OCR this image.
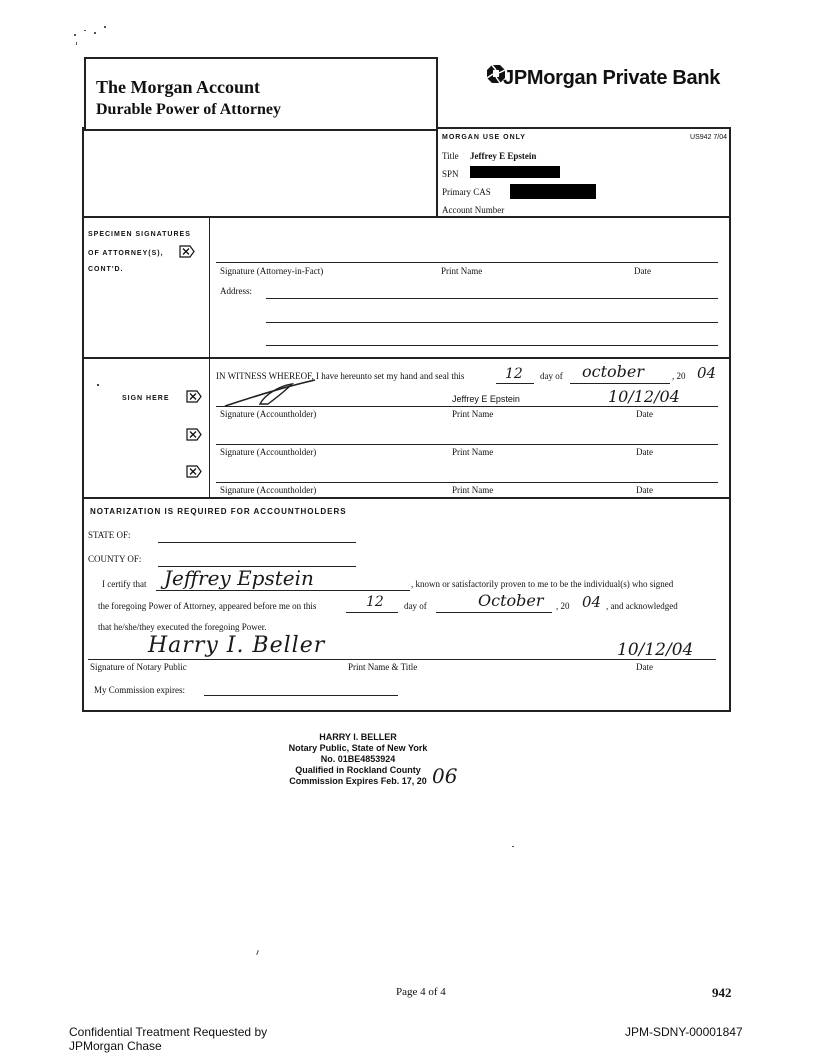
The Morgan Account
Durable Power of Attorney
JPMorgan Private Bank
MORGAN USE ONLY	US942 7/04
Title Jeffrey E Epstein
SPN
Primary CAS
Account Number
SPECIMEN SIGNATURES
OF ATTORNEY(S),
CONT'D.	Signature (Attorney-in-Fact)	Print Name	Date
Address:
SIGN HERE
IN WITNESS WHEREOF, I have hereunto set my hand and seal this	12 day of october	, 20 04
Jeffrey E Epstein	10/12/04
Signature (Accountholder)	Print Name	Date
Signature (Accountholder)	Print Name	Date
Signature (Accountholder)	Print Name	Date
NOTARIZATION IS REQUIRED FOR ACCOUNTHOLDERS
STATE OF:
COUNTY OF:
I certify that Jeffrey Epstein	, known or satisfactorily proven to me to be the individual(s) who signed
the foregoing Power of Attorney, appeared before me on this	12 day of	October , 20 04 , and acknowledged
that he/she/they executed the foregoing Power.
Harry I. Beller	10/12/04
Signature of Notary Public	Print Name & Title	Date
My Commission expires:
HARRY I. BELLER
Notary Public, State of New York
No. 01BE4853924
Qualified in Rockland County
Commission Expires Feb. 17, 20 06
Page 4 of 4	942
Confidential Treatment Requested by
JPMorgan Chase
JPM-SDNY-00001847
